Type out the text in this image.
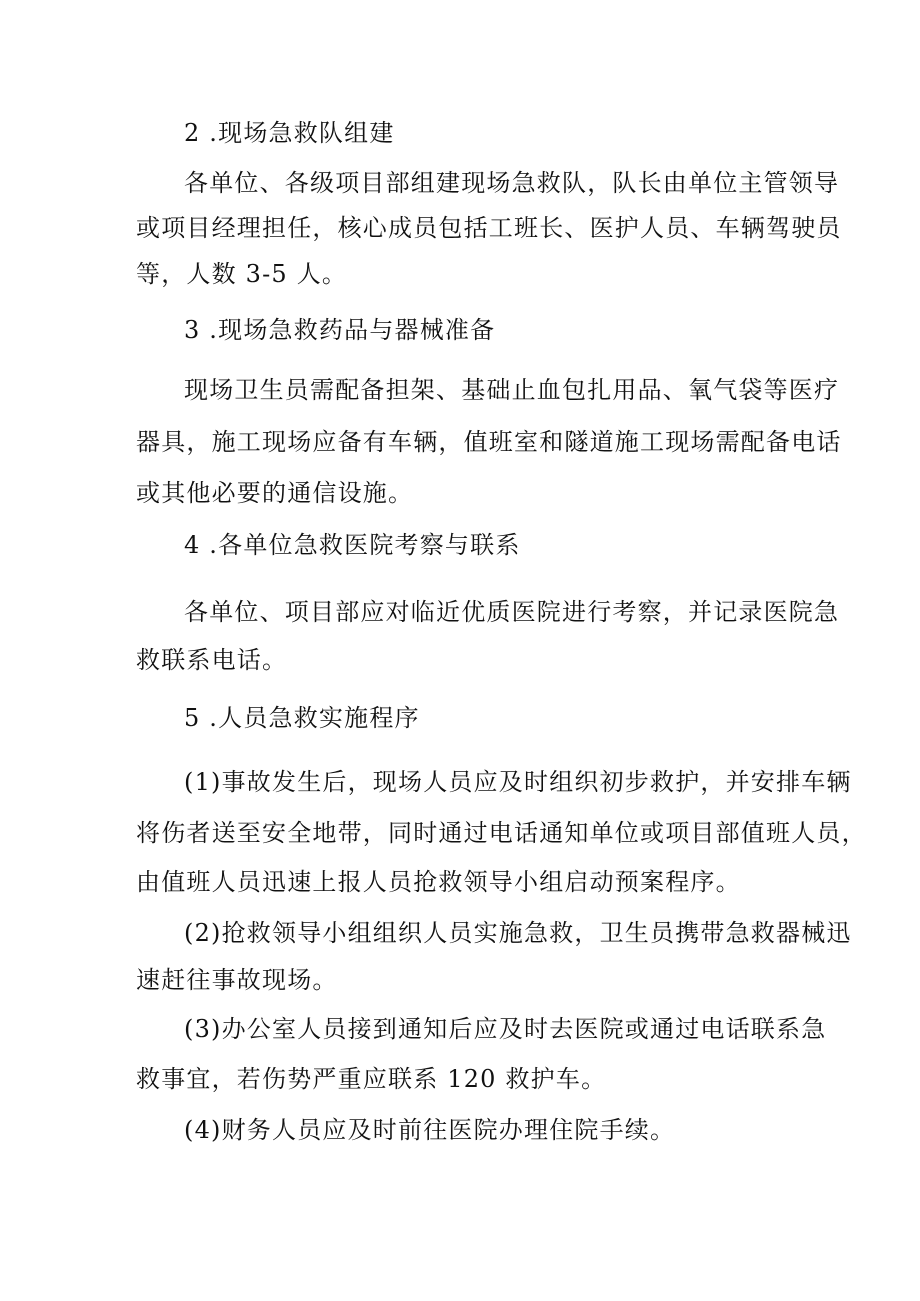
2 .现场急救队组建
各单位、各级项目部组建现场急救队，队长由单位主管领导
或项目经理担任，核心成员包括工班长、医护人员、车辆驾驶员
等，人数 3-5 人。
3 .现场急救药品与器械准备
现场卫生员需配备担架、基础止血包扎用品、氧气袋等医疗
器具，施工现场应备有车辆，值班室和隧道施工现场需配备电话
或其他必要的通信设施。
4 .各单位急救医院考察与联系
各单位、项目部应对临近优质医院进行考察，并记录医院急
救联系电话。
5 .人员急救实施程序
(1)事故发生后，现场人员应及时组织初步救护，并安排车辆
将伤者送至安全地带，同时通过电话通知单位或项目部值班人员，
由值班人员迅速上报人员抢救领导小组启动预案程序。
(2)抢救领导小组组织人员实施急救，卫生员携带急救器械迅
速赶往事故现场。
(3)办公室人员接到通知后应及时去医院或通过电话联系急
救事宜，若伤势严重应联系 120 救护车。
(4)财务人员应及时前往医院办理住院手续。
